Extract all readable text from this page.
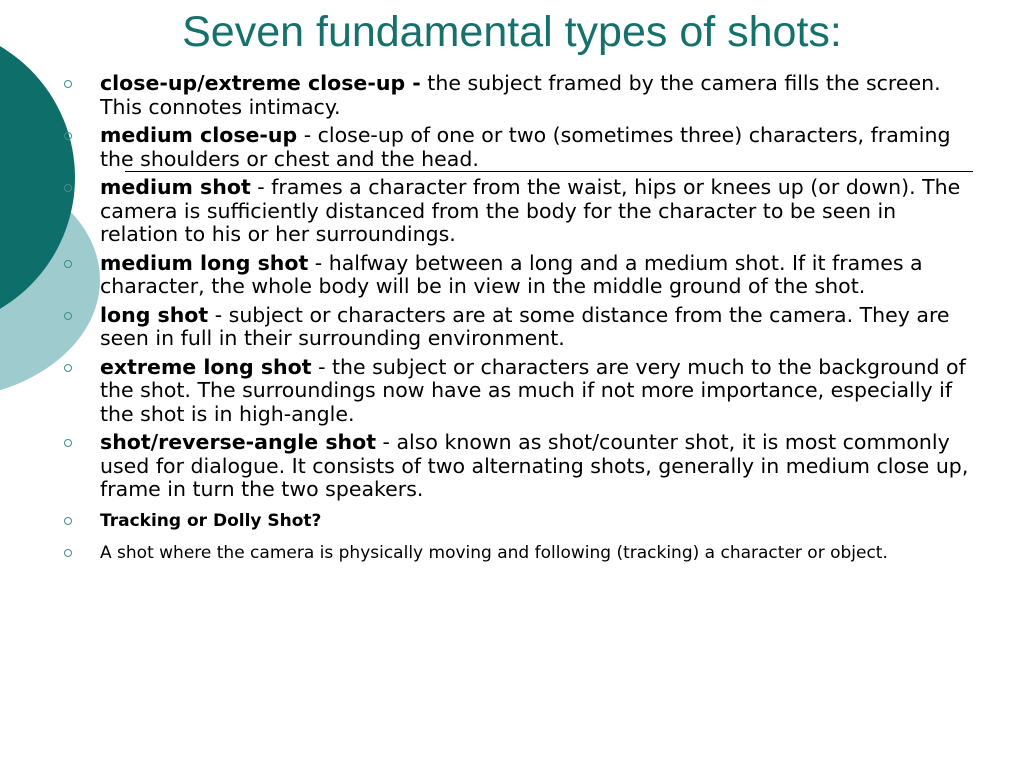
Seven fundamental types of shots:
close-up/extreme close-up - the subject framed by the camera fills the screen. This connotes intimacy.
medium close-up - close-up of one or two (sometimes three) characters, framing the shoulders or chest and the head.
medium shot - frames a character from the waist, hips or knees up (or down). The camera is sufficiently distanced from the body for the character to be seen in relation to his or her surroundings.
medium long shot - halfway between a long and a medium shot. If it frames a character, the whole body will be in view in the middle ground of the shot.
long shot - subject or characters are at some distance from the camera. They are seen in full in their surrounding environment.
extreme long shot - the subject or characters are very much to the background of the shot. The surroundings now have as much if not more importance, especially if the shot is in high-angle.
shot/reverse-angle shot - also known as shot/counter shot, it is most commonly used for dialogue. It consists of two alternating shots, generally in medium close up, frame in turn the two speakers.
Tracking or Dolly Shot?
A shot where the camera is physically moving and following (tracking) a character or object.
